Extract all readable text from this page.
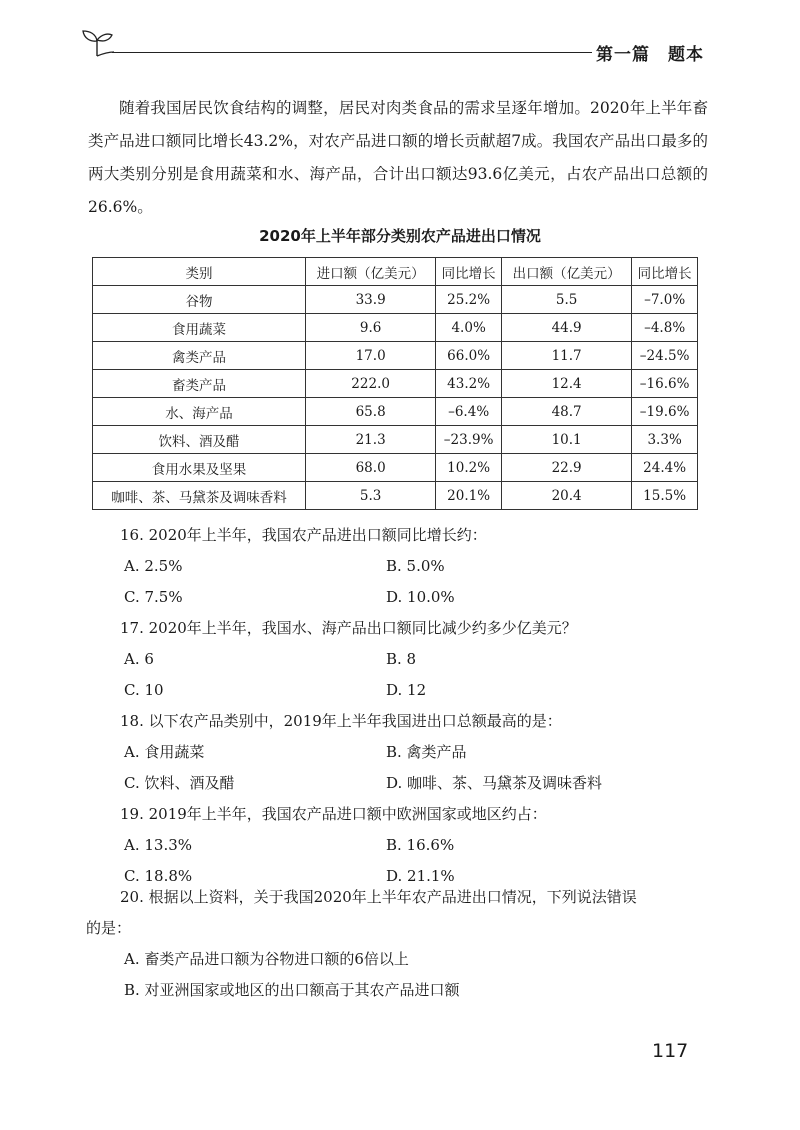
第一篇　题本
随着我国居民饮食结构的调整，居民对肉类食品的需求呈逐年增加。2020年上半年畜类产品进口额同比增长43.2%，对农产品进口额的增长贡献超7成。我国农产品出口最多的两大类别分别是食用蔬菜和水、海产品，合计出口额达93.6亿美元，占农产品出口总额的26.6%。
2020年上半年部分类别农产品进出口情况
类别	进口额（亿美元）	同比增长	出口额（亿美元）	同比增长
谷物	33.9	25.2%	5.5	–7.0%
食用蔬菜	9.6	4.0%	44.9	–4.8%
禽类产品	17.0	66.0%	11.7	–24.5%
畜类产品	222.0	43.2%	12.4	–16.6%
水、海产品	65.8	–6.4%	48.7	–19.6%
饮料、酒及醋	21.3	–23.9%	10.1	3.3%
食用水果及坚果	68.0	10.2%	22.9	24.4%
咖啡、茶、马黛茶及调味香料	5.3	20.1%	20.4	15.5%
16. 2020年上半年，我国农产品进出口额同比增长约：
A. 2.5%	B. 5.0%
C. 7.5%	D. 10.0%
17. 2020年上半年，我国水、海产品出口额同比减少约多少亿美元？
A. 6	B. 8
C. 10	D. 12
18. 以下农产品类别中，2019年上半年我国进出口总额最高的是：
A. 食用蔬菜	B. 禽类产品
C. 饮料、酒及醋	D. 咖啡、茶、马黛茶及调味香料
19. 2019年上半年，我国农产品进口额中欧洲国家或地区约占：
A. 13.3%	B. 16.6%
C. 18.8%	D. 21.1%
20. 根据以上资料，关于我国2020年上半年农产品进出口情况，下列说法错误
的是：
A. 畜类产品进口额为谷物进口额的6倍以上
B. 对亚洲国家或地区的出口额高于其农产品进口额
117
